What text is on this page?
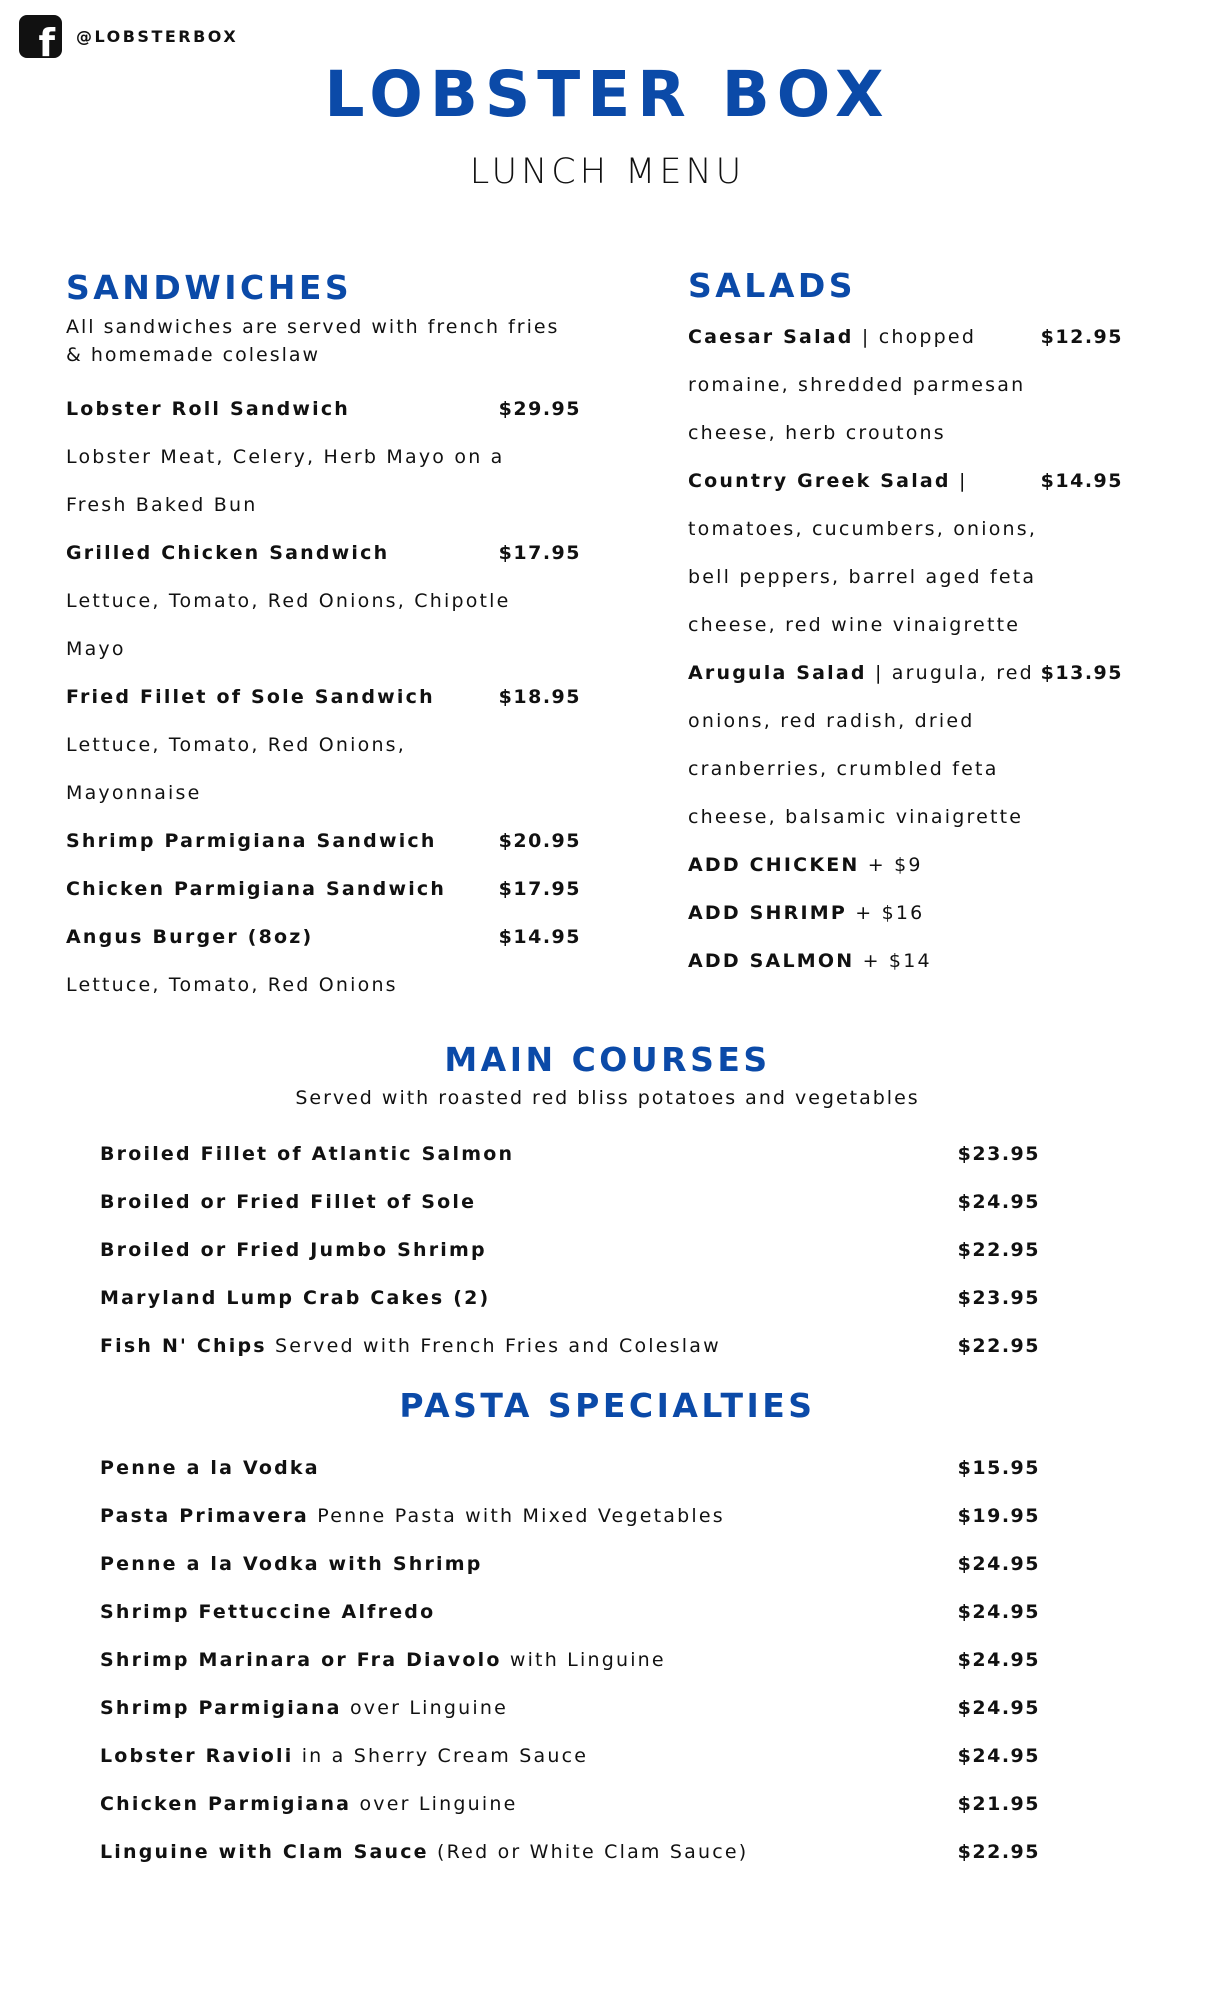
f @LOBSTERBOX
LOBSTER BOX
LUNCH MENU
SANDWICHES
All sandwiches are served with french fries & homemade coleslaw
Lobster Roll Sandwich	$29.95
Lobster Meat, Celery, Herb Mayo on a
Fresh Baked Bun
Grilled Chicken Sandwich	$17.95
Lettuce, Tomato, Red Onions, Chipotle
Mayo
Fried Fillet of Sole Sandwich	$18.95
Lettuce, Tomato, Red Onions,
Mayonnaise
Shrimp Parmigiana Sandwich	$20.95
Chicken Parmigiana Sandwich	$17.95
Angus Burger (8oz)	$14.95
Lettuce, Tomato, Red Onions
SALADS
Caesar Salad | chopped	$12.95
romaine, shredded parmesan
cheese, herb croutons
Country Greek Salad |	$14.95
tomatoes, cucumbers, onions,
bell peppers, barrel aged feta
cheese, red wine vinaigrette
Arugula Salad | arugula, red $13.95
onions, red radish, dried
cranberries, crumbled feta
cheese, balsamic vinaigrette
ADD CHICKEN + $9
ADD SHRIMP + $16
ADD SALMON + $14
MAIN COURSES
Served with roasted red bliss potatoes and vegetables
Broiled Fillet of Atlantic Salmon	$23.95
Broiled or Fried Fillet of Sole	$24.95
Broiled or Fried Jumbo Shrimp	$22.95
Maryland Lump Crab Cakes (2)	$23.95
Fish N' Chips Served with French Fries and Coleslaw	$22.95
PASTA SPECIALTIES
Penne a la Vodka	$15.95
Pasta Primavera Penne Pasta with Mixed Vegetables	$19.95
Penne a la Vodka with Shrimp	$24.95
Shrimp Fettuccine Alfredo	$24.95
Shrimp Marinara or Fra Diavolo with Linguine	$24.95
Shrimp Parmigiana over Linguine	$24.95
Lobster Ravioli in a Sherry Cream Sauce	$24.95
Chicken Parmigiana over Linguine	$21.95
Linguine with Clam Sauce (Red or White Clam Sauce)	$22.95
